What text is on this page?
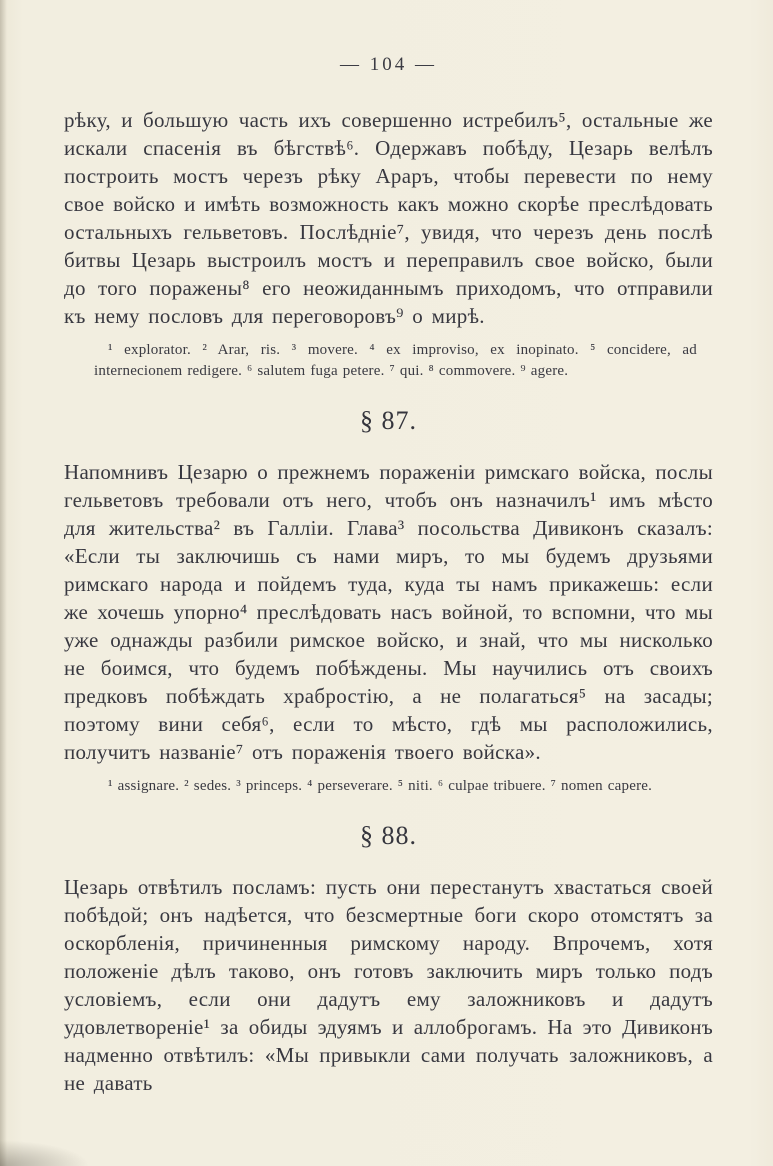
— 104 —

рѣку, и большую часть ихъ совершенно истребилъ⁵, остальные же искали спасенія въ бѣгствѣ⁶. Одержавъ побѣду, Цезарь велѣлъ построить мостъ черезъ рѣку Араръ, чтобы перевести по нему свое войско и имѣть возможность какъ можно скорѣе преслѣдовать остальныхъ гельветовъ. Послѣдніе⁷, увидя, что черезъ день послѣ битвы Цезарь выстроилъ мостъ и переправилъ свое войско, были до того поражены⁸ его неожиданнымъ приходомъ, что отправили къ нему пословъ для переговоровъ⁹ о мирѣ.

¹ explorator. ² Arar, ris. ³ movere. ⁴ ex improviso, ex inopinato. ⁵ concidere, ad internecionem redigere. ⁶ salutem fuga petere. ⁷ qui. ⁸ commovere. ⁹ agere.

§ 87.

Напомнивъ Цезарю о прежнемъ пораженіи римскаго войска, послы гельветовъ требовали отъ него, чтобъ онъ назначилъ¹ имъ мѣсто для жительства² въ Галліи. Глава³ посольства Дивиконъ сказалъ: «Если ты заключишь съ нами миръ, то мы будемъ друзьями римскаго народа и пойдемъ туда, куда ты намъ прикажешь: если же хочешь упорно⁴ преслѣдовать насъ войной, то вспомни, что мы уже однажды разбили римское войско, и знай, что мы нисколько не боимся, что будемъ побѣждены. Мы научились отъ своихъ предковъ побѣждать храбростію, а не полагаться⁵ на засады; поэтому вини себя⁶, если то мѣсто, гдѣ мы расположились, получитъ названіе⁷ отъ пораженія твоего войска».

¹ assignare. ² sedes. ³ princeps. ⁴ perseverare. ⁵ niti. ⁶ culpae tribuere. ⁷ nomen capere.

§ 88.

Цезарь отвѣтилъ посламъ: пусть они перестанутъ хвастаться своей побѣдой; онъ надѣется, что безсмертные боги скоро отомстятъ за оскорбленія, причиненныя римскому народу. Впрочемъ, хотя положеніе дѣлъ таково, онъ готовъ заключить миръ только подъ условіемъ, если они дадутъ ему заложниковъ и дадутъ удовлетвореніе¹ за обиды эдуямъ и аллоброгамъ. На это Дивиконъ надменно отвѣтилъ: «Мы привыкли сами получать заложниковъ, а не давать
